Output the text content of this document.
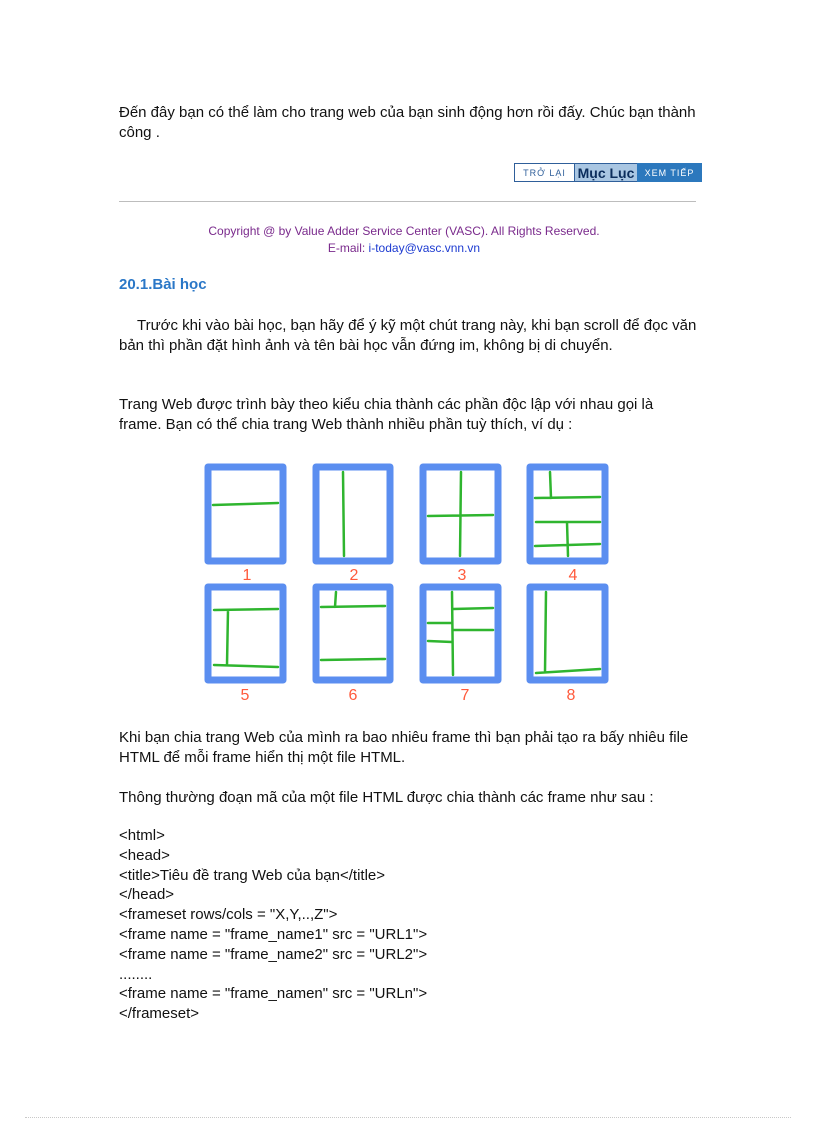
Đến đây bạn có thể làm cho trang web của bạn sinh động hơn rồi đấy. Chúc bạn thành công .
TRỞ LẠI Mục Lục	XEM TIẾP
Copyright @ by Value Adder Service Center (VASC). All Rights Reserved.
E-mail: i-today@vasc.vnn.vn
20.1.Bài học
Trước khi vào bài học, bạn hãy để ý kỹ một chút trang này, khi bạn scroll để đọc văn bản thì phần đặt hình ảnh và tên bài học vẫn đứng im, không bị di chuyển.
Trang Web được trình bày theo kiểu chia thành các phần độc lập với nhau gọi là frame. Bạn có thể chia trang Web thành nhiều phần tuỳ thích, ví dụ :
1	2	3	4
5	6	7	8
Khi bạn chia trang Web của mình ra bao nhiêu frame thì bạn phải tạo ra bấy nhiêu file HTML để mỗi frame hiển thị một file HTML.
Thông thường đoạn mã của một file HTML được chia thành các frame như sau :
<html>
<head>
<title>Tiêu đề trang Web của bạn</title>
</head>
<frameset rows/cols = "X,Y,..,Z">
<frame name = "frame_name1" src = "URL1">
<frame name = "frame_name2" src = "URL2">
........
<frame name = "frame_namen" src = "URLn">
</frameset>
